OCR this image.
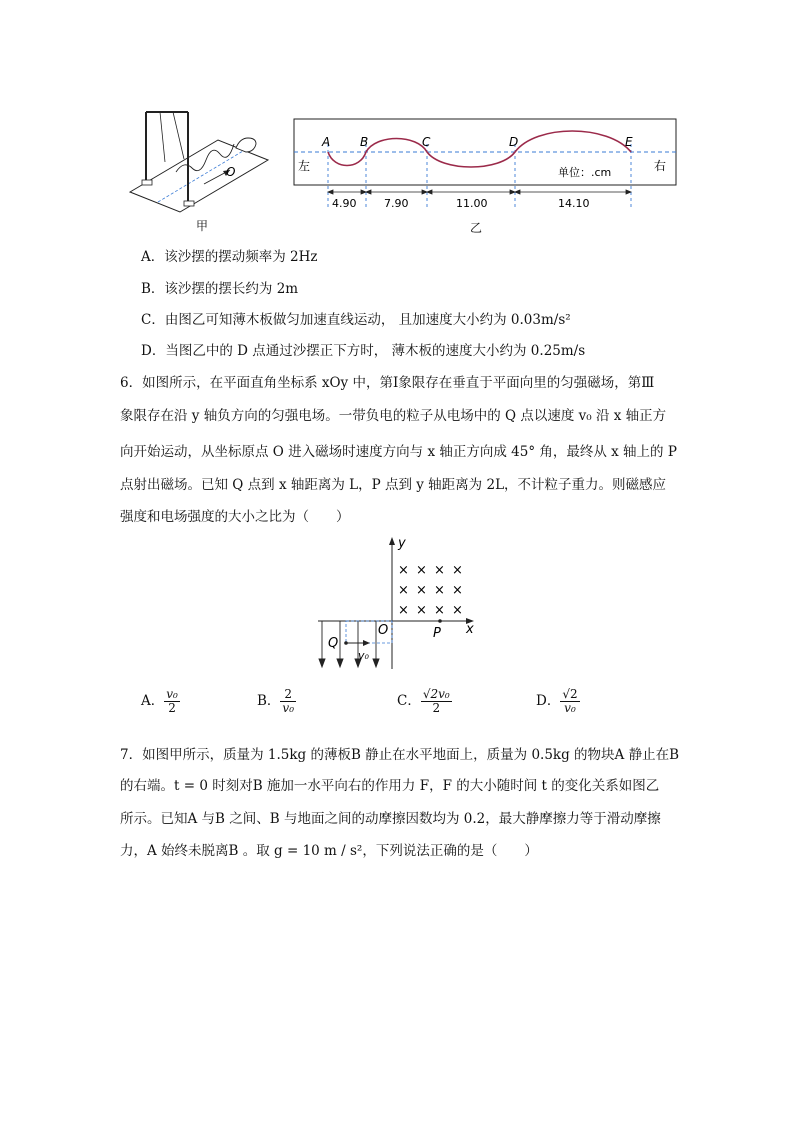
O
甲
A B	C	D	E
左	右
单位：.cm
4.90	7.90	11.00	14.10
乙
A．该沙摆的摆动频率为 2Hz
B．该沙摆的摆长约为 2m
C．由图乙可知薄木板做匀加速直线运动， 且加速度大小约为 0.03m/s²
D．当图乙中的 D 点通过沙摆正下方时， 薄木板的速度大小约为 0.25m/s
6．如图所示，在平面直角坐标系 xOy 中，第Ⅰ象限存在垂直于平面向里的匀强磁场，第Ⅲ
象限存在沿 y 轴负方向的匀强电场。一带负电的粒子从电场中的 Q 点以速度 v₀ 沿 x 轴正方
向开始运动，从坐标原点 O 进入磁场时速度方向与 x 轴正方向成 45° 角，最终从 x 轴上的 P
点射出磁场。已知 Q 点到 x 轴距离为 L，P 点到 y 轴距离为 2L，不计粒子重力。则磁感应
强度和电场强度的大小之比为（　　）
y
x
O	P
× × × ×
× × × ×
× × × ×
Q
v₀
A． $\frac{\text{v₀}}{2}$	B． $\frac{2}{\text{v₀}}$	C． $\frac{\text{√2v₀}}{2}$	D． $\frac{√2}{\text{v₀}}$
7．如图甲所示，质量为 1.5kg 的薄板B 静止在水平地面上，质量为 0.5kg 的物块A 静止在B
的右端。t = 0 时刻对B 施加一水平向右的作用力 F，F 的大小随时间 t 的变化关系如图乙
所示。已知A 与B 之间、B 与地面之间的动摩擦因数均为 0.2，最大静摩擦力等于滑动摩擦
力，A 始终未脱离B 。取 g = 10 m / s²，下列说法正确的是（　　）
